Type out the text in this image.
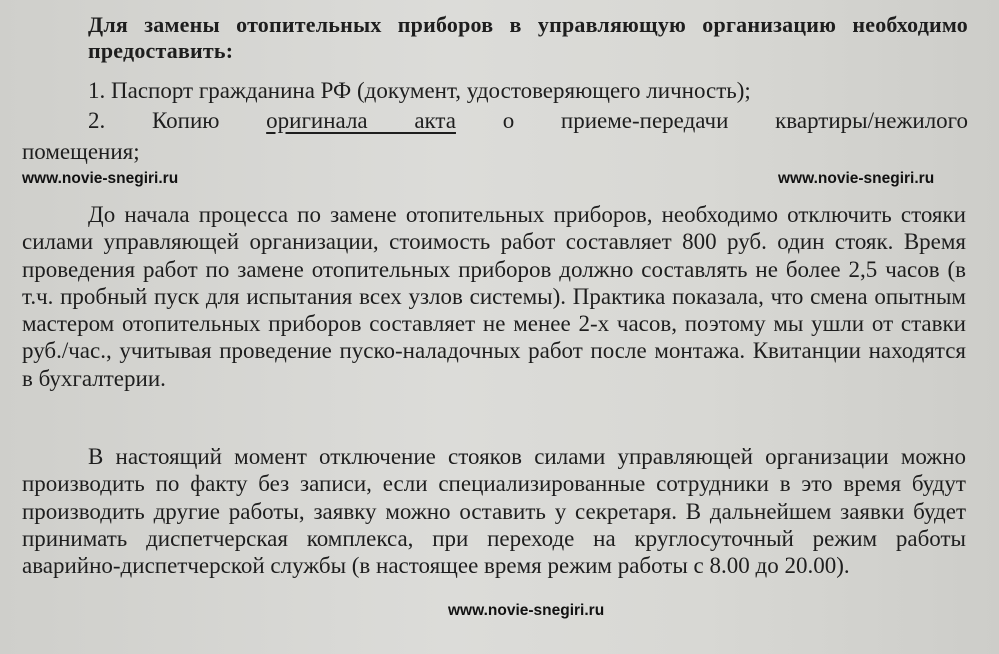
Для замены отопительных приборов в управляющую организацию необходимо предоставить:
1. Паспорт гражданина РФ (документ, удостоверяющего личность);
2. Копию оригинала акта о приеме-передачи квартиры/нежилого
помещения;
www.novie-snegiri.ru	www.novie-snegiri.ru
До начала процесса по замене отопительных приборов, необходимо отключить стояки силами управляющей организации, стоимость работ составляет 800 руб. один стояк. Время проведения работ по замене отопительных приборов должно составлять не более 2,5 часов (в т.ч. пробный пуск для испытания всех узлов системы). Практика показала, что смена опытным мастером отопительных приборов составляет не менее 2-х часов, поэтому мы ушли от ставки руб./час., учитывая проведение пуско-наладочных работ после монтажа. Квитанции находятся в бухгалтерии.
В настоящий момент отключение стояков силами управляющей организации можно производить по факту без записи, если специализированные сотрудники в это время будут производить другие работы, заявку можно оставить у секретаря. В дальнейшем заявки будет принимать диспетчерская комплекса, при переходе на круглосуточный режим работы аварийно-диспетчерской службы (в настоящее время режим работы с 8.00 до 20.00).
www.novie-snegiri.ru
